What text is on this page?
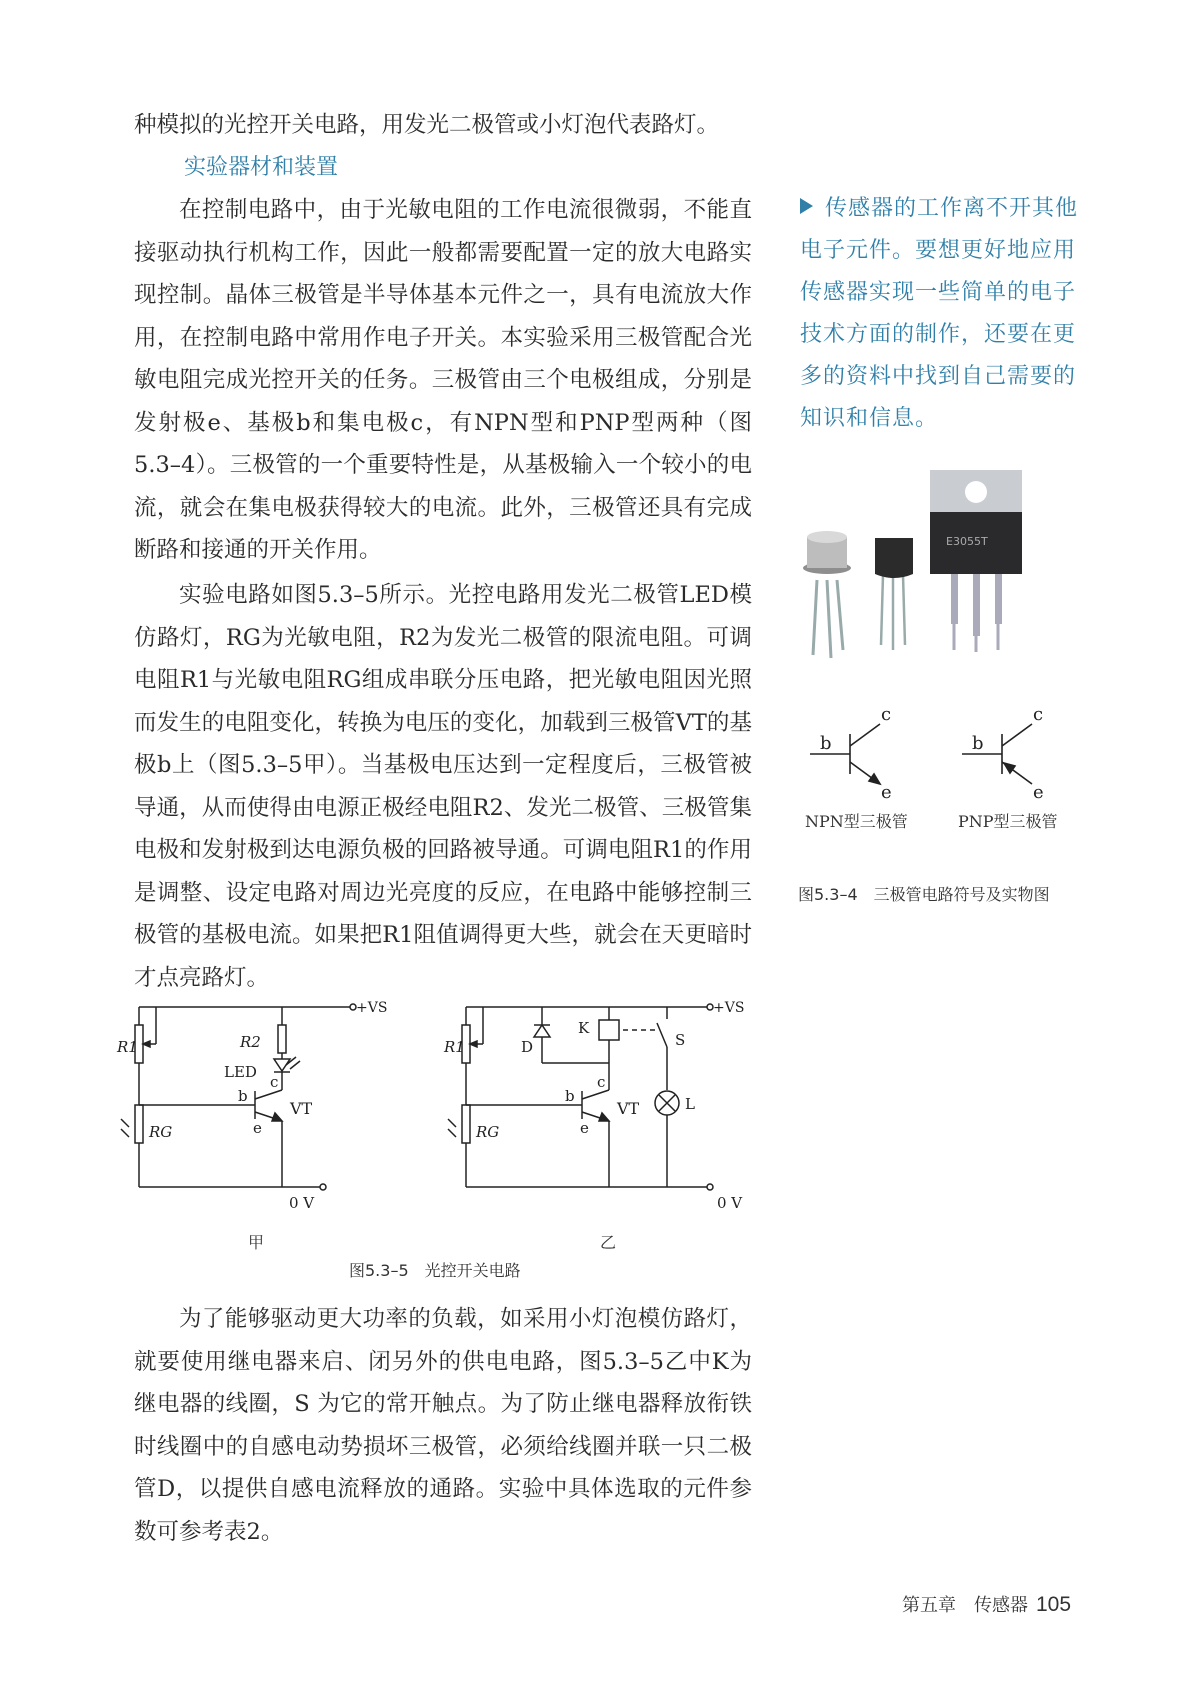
种模拟的光控开关电路，用发光二极管或小灯泡代表路灯。

实验器材和装置

在控制电路中，由于光敏电阻的工作电流很微弱，不能直接驱动执行机构工作，因此一般都需要配置一定的放大电路实现控制。晶体三极管是半导体基本元件之一，具有电流放大作用，在控制电路中常用作电子开关。本实验采用三极管配合光敏电阻完成光控开关的任务。三极管由三个电极组成，分别是发射极e、基极b和集电极c，有NPN型和PNP型两种（图5.3–4）。三极管的一个重要特性是，从基极输入一个较小的电流，就会在集电极获得较大的电流。此外，三极管还具有完成断路和接通的开关作用。

实验电路如图5.3–5所示。光控电路用发光二极管LED模仿路灯，RG为光敏电阻，R2为发光二极管的限流电阻。可调电阻R1与光敏电阻RG组成串联分压电路，把光敏电阻因光照而发生的电阻变化，转换为电压的变化，加载到三极管VT的基极b上（图5.3–5甲）。当基极电压达到一定程度后，三极管被导通，从而使得由电源正极经电阻R2、发光二极管、三极管集电极和发射极到达电源负极的回路被导通。可调电阻R1的作用是调整、设定电路对周边光亮度的反应，在电路中能够控制三极管的基极电流。如果把R1阻值调得更大些，就会在天更暗时才点亮路灯。

传感器的工作离不开其他电子元件。要想更好地应用传感器实现一些简单的电子技术方面的制作，还要在更多的资料中找到自己需要的知识和信息。
E3055T
b
c
e
b
c
e
NPN型三极管	PNP型三极管
图5.3–4　三极管电路符号及实物图
+VS
R1	R2
LED
RG
VT
b
c
e
0 V
+VS
R1	D
K
S
L
RG
VT
b
c
e
0 V
甲	乙
图5.3–5　光控开关电路

为了能够驱动更大功率的负载，如采用小灯泡模仿路灯，就要使用继电器来启、闭另外的供电电路，图5.3–5乙中K为继电器的线圈，S 为它的常开触点。为了防止继电器释放衔铁时线圈中的自感电动势损坏三极管，必须给线圈并联一只二极管D，以提供自感电流释放的通路。实验中具体选取的元件参数可参考表2。

第五章　传感器 105
